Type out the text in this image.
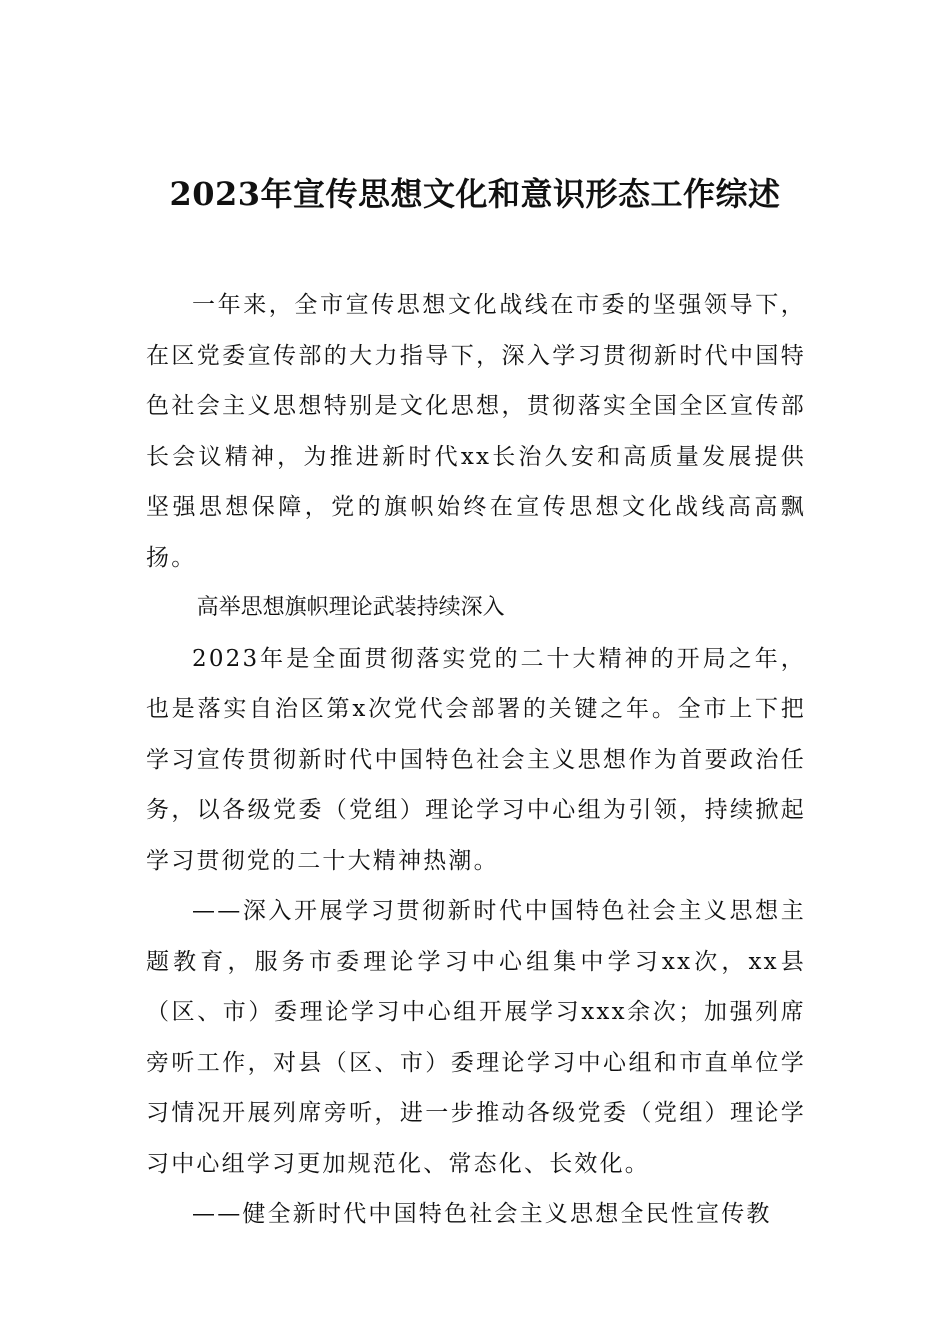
2023年宣传思想文化和意识形态工作综述

一年来，全市宣传思想文化战线在市委的坚强领导下，在区党委宣传部的大力指导下，深入学习贯彻新时代中国特色社会主义思想特别是文化思想，贯彻落实全国全区宣传部长会议精神，为推进新时代xx长治久安和高质量发展提供坚强思想保障，党的旗帜始终在宣传思想文化战线高高飘扬。

高举思想旗帜理论武装持续深入

2023年是全面贯彻落实党的二十大精神的开局之年，也是落实自治区第x次党代会部署的关键之年。全市上下把学习宣传贯彻新时代中国特色社会主义思想作为首要政治任务，以各级党委（党组）理论学习中心组为引领，持续掀起学习贯彻党的二十大精神热潮。

——深入开展学习贯彻新时代中国特色社会主义思想主题教育，服务市委理论学习中心组集中学习xx次，xx县（区、市）委理论学习中心组开展学习xxx余次；加强列席旁听工作，对县（区、市）委理论学习中心组和市直单位学习情况开展列席旁听，进一步推动各级党委（党组）理论学习中心组学习更加规范化、常态化、长效化。

——健全新时代中国特色社会主义思想全民性宣传教
